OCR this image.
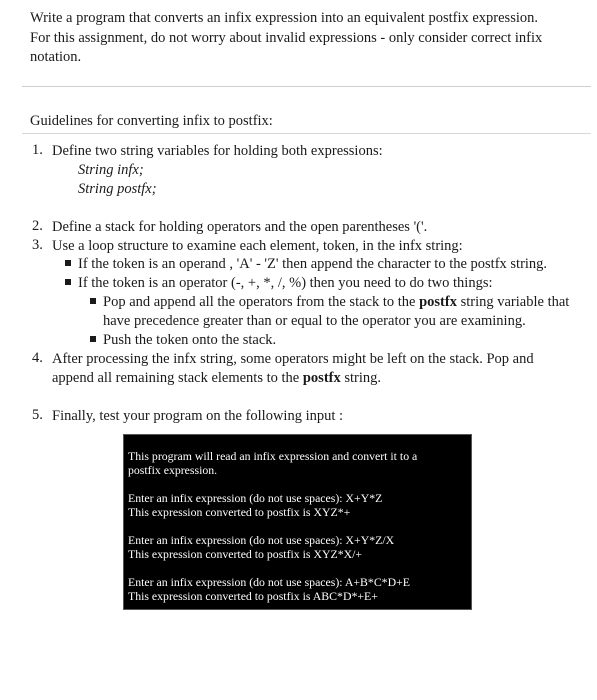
Write a program that converts an infix expression into an equivalent postfix expression.
For this assignment, do not worry about invalid expressions - only consider correct infix
notation.
Guidelines for converting infix to postfix:
1. Define two string variables for holding both expressions:
String infx;
String postfx;
2. Define a stack for holding operators and the open parentheses '('.
3. Use a loop structure to examine each element, token, in the infx string:
If the token is an operand , 'A' - 'Z' then append the character to the postfx string.
If the token is an operator (-, +, *, /, %) then you need to do two things:
Pop and append all the operators from the stack to the postfx string variable that
have precedence greater than or equal to the operator you are examining.
Push the token onto the stack.
4. After processing the infx string, some operators might be left on the stack. Pop and
append all remaining stack elements to the postfx string.
5. Finally, test your program on the following input :
This program will read an infix expression and convert it to a
postfix expression.
Enter an infix expression (do not use spaces): X+Y*Z
This expression converted to postfix is XYZ*+
Enter an infix expression (do not use spaces): X+Y*Z/X
This expression converted to postfix is XYZ*X/+
Enter an infix expression (do not use spaces): A+B*C*D+E
This expression converted to postfix is ABC*D*+E+
